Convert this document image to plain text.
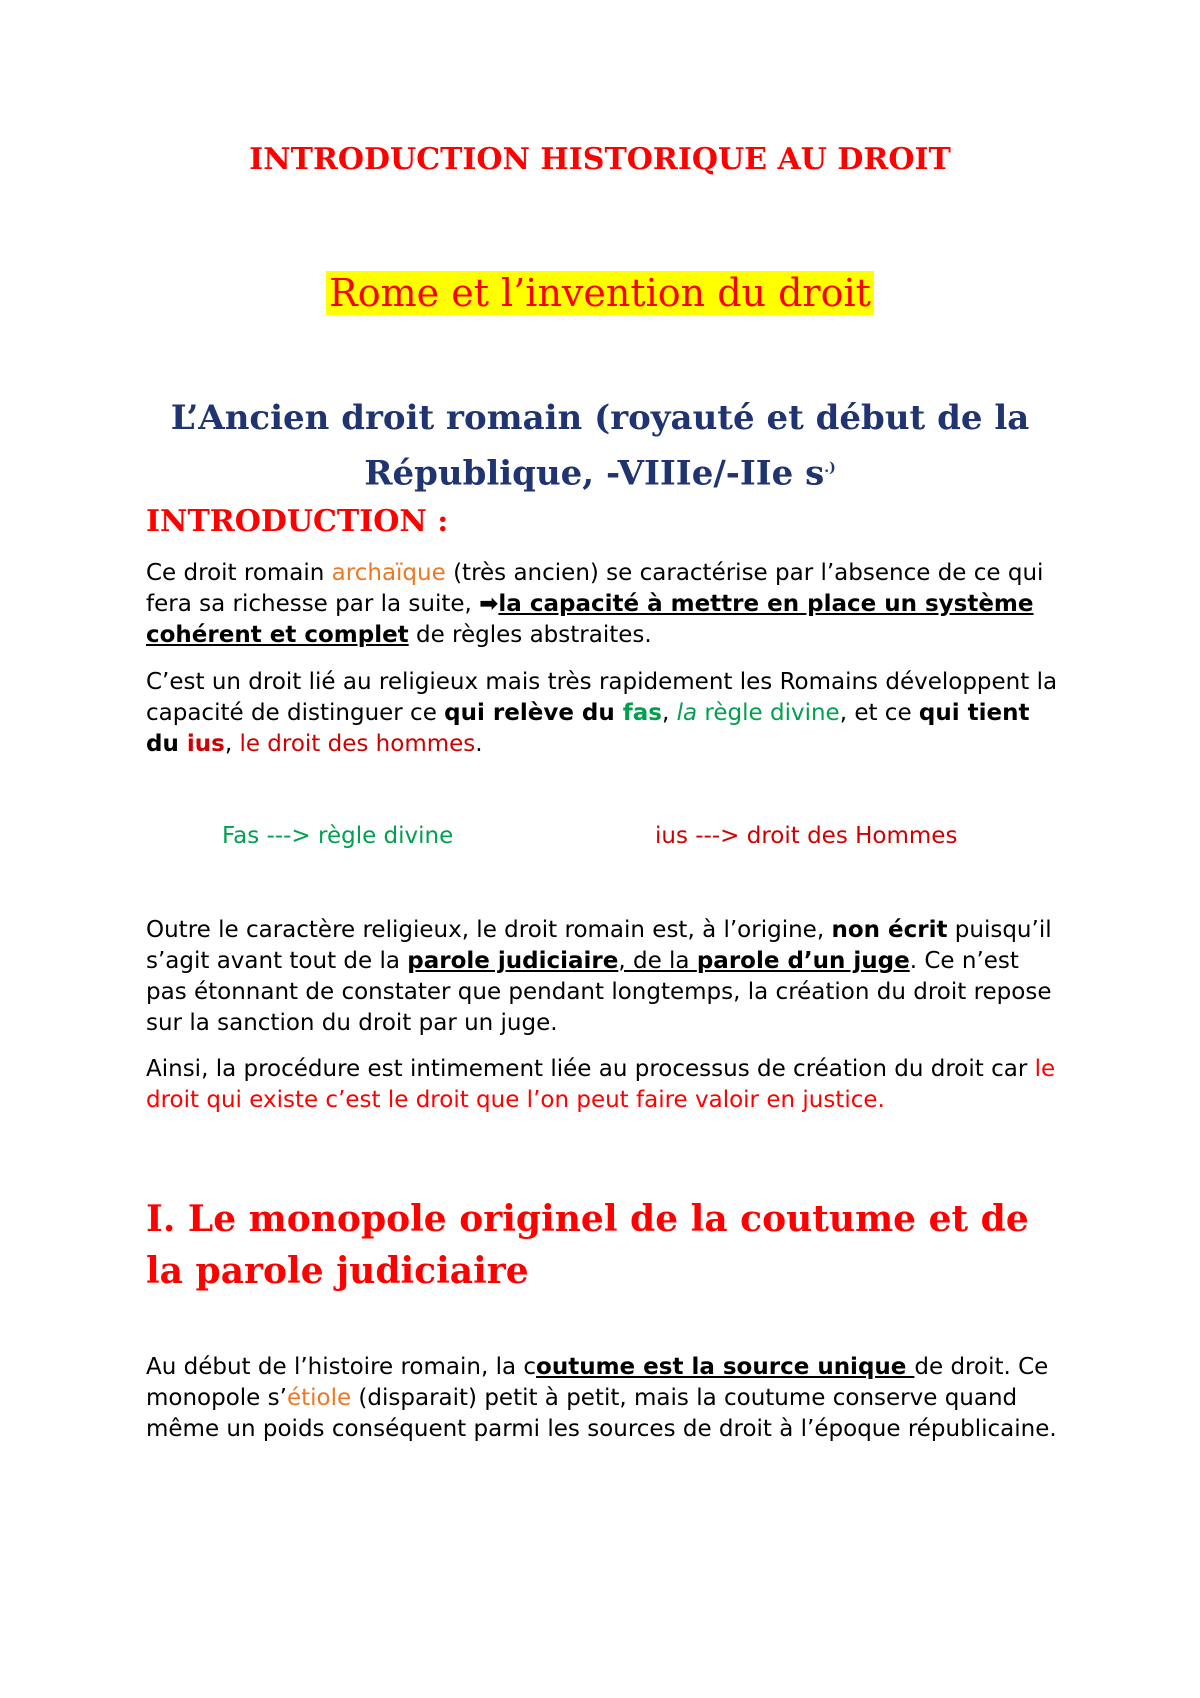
INTRODUCTION HISTORIQUE AU DROIT
Rome et l’invention du droit
L’Ancien droit romain (royauté et début de la République, -VIIIe/-IIe s.)
INTRODUCTION :

Ce droit romain archaïque (très ancien) se caractérise par l’absence de ce qui fera sa richesse par la suite, ➡la capacité à mettre en place un système cohérent et complet de règles abstraites.

C’est un droit lié au religieux mais très rapidement les Romains développent la capacité de distinguer ce qui relève du fas, la règle divine, et ce qui tient du ius, le droit des hommes.

Fas ---> règle divine	ius ---> droit des Hommes

Outre le caractère religieux, le droit romain est, à l’origine, non écrit puisqu’il s’agit avant tout de la parole judiciaire, de la parole d’un juge. Ce n’est pas étonnant de constater que pendant longtemps, la création du droit repose sur la sanction du droit par un juge.

Ainsi, la procédure est intimement liée au processus de création du droit car le droit qui existe c’est le droit que l’on peut faire valoir en justice.

I. Le monopole originel de la coutume et de la parole judiciaire

Au début de l’histoire romain, la coutume est la source unique de droit. Ce monopole s’étiole (disparait) petit à petit, mais la coutume conserve quand même un poids conséquent parmi les sources de droit à l’époque républicaine.
